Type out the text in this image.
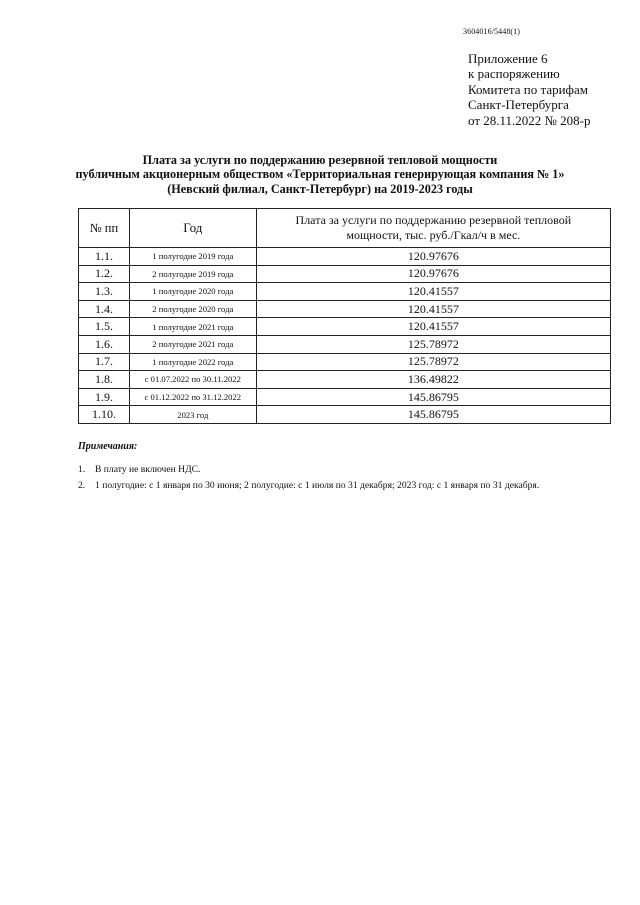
3604016/5448(1)
Приложение 6
к распоряжению
Комитета по тарифам
Санкт-Петербурга
от 28.11.2022 № 208-р
Плата за услуги по поддержанию резервной тепловой мощности
публичным акционерным обществом «Территориальная генерирующая компания № 1»
(Невский филиал, Санкт-Петербург) на 2019-2023 годы
№ пп	Год	Плата за услуги по поддержанию резервной тепловой мощности, тыс. руб./Гкал/ч в мес.
1.1.	1 полугодие 2019 года	120.97676
1.2.	2 полугодие 2019 года	120.97676
1.3.	1 полугодие 2020 года	120.41557
1.4.	2 полугодие 2020 года	120.41557
1.5.	1 полугодие 2021 года	120.41557
1.6.	2 полугодие 2021 года	125.78972
1.7.	1 полугодие 2022 года	125.78972
1.8.	с 01.07.2022 по 30.11.2022	136.49822
1.9.	с 01.12.2022 по 31.12.2022	145.86795
1.10.	2023 год	145.86795
Примечания:
1. В плату не включен НДС.
2. 1 полугодие: с 1 января по 30 июня; 2 полугодие: с 1 июля по 31 декабря; 2023 год: с 1 января по 31 декабря.
